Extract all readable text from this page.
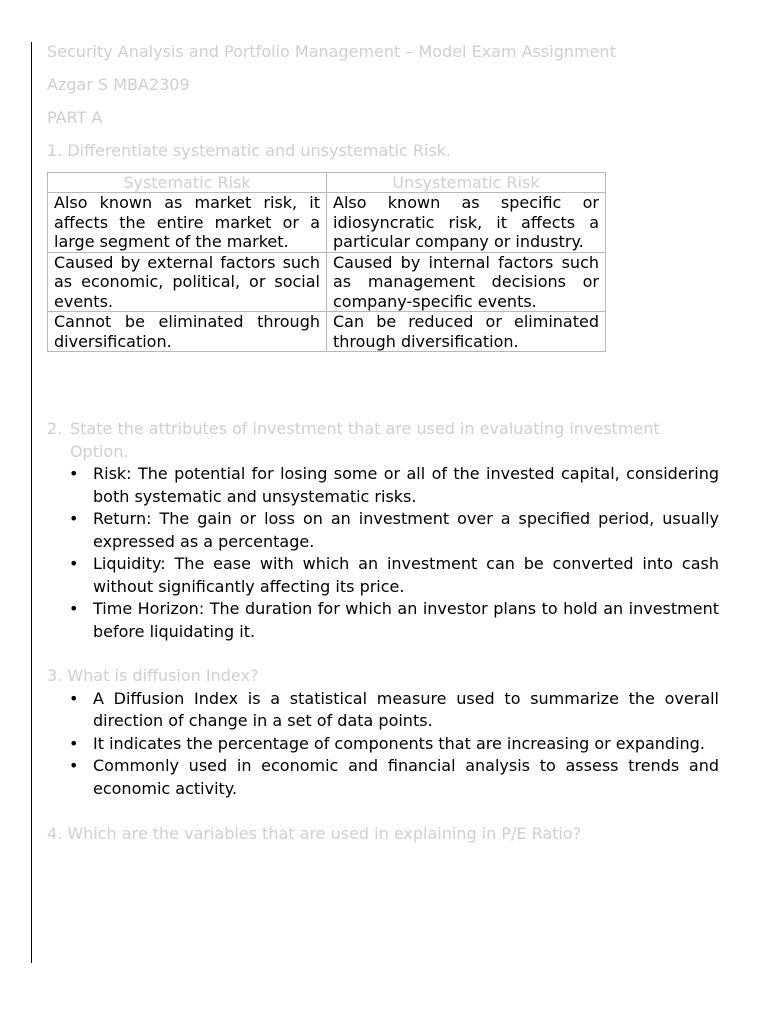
Security Analysis and Portfolio Management – Model Exam Assignment
Azgar S MBA2309
PART A
1. Differentiate systematic and unsystematic Risk.
Systematic Risk	Unsystematic Risk
Also known as market risk, it affects the entire market or a large segment of the market.	Also known as specific or idiosyncratic risk, it affects a particular company or industry.
Caused by external factors such as economic, political, or social events.	Caused by internal factors such as management decisions or company-specific events.
Cannot be eliminated through diversification.	Can be reduced or eliminated through diversification.
2. State the attributes of investment that are used in evaluating investment
Option.
• Risk: The potential for losing some or all of the invested capital, considering both systematic and unsystematic risks.
• Return: The gain or loss on an investment over a specified period, usually expressed as a percentage.
• Liquidity: The ease with which an investment can be converted into cash without significantly affecting its price.
• Time Horizon: The duration for which an investor plans to hold an investment before liquidating it.
3. What is diffusion Index?
• A Diffusion Index is a statistical measure used to summarize the overall direction of change in a set of data points.
• It indicates the percentage of components that are increasing or expanding.
• Commonly used in economic and financial analysis to assess trends and economic activity.
4. Which are the variables that are used in explaining in P/E Ratio?
